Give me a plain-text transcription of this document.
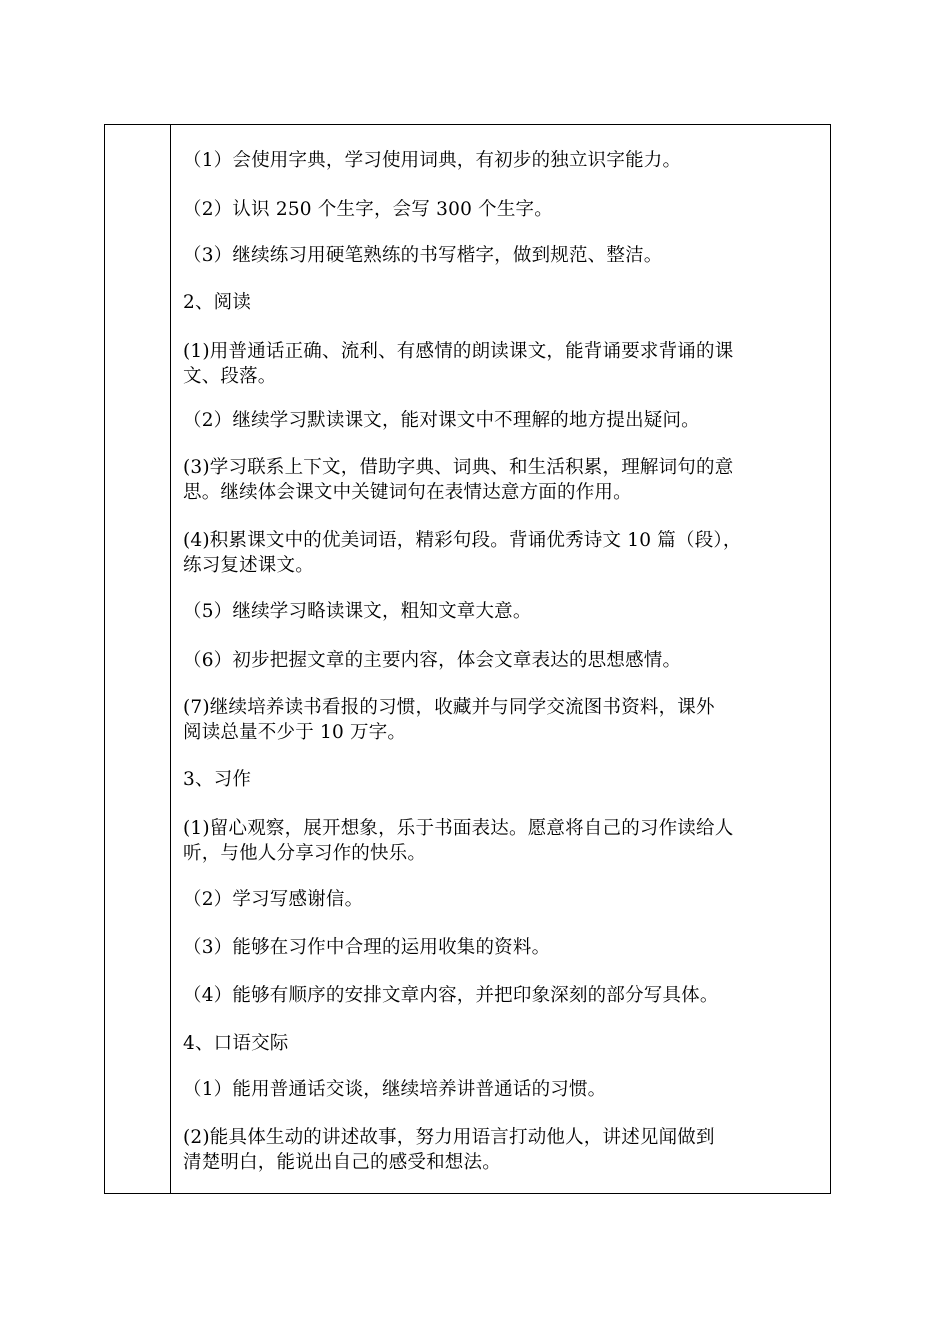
（1）会使用字典，学习使用词典，有初步的独立识字能力。
（2）认识 250 个生字，会写 300 个生字。
（3）继续练习用硬笔熟练的书写楷字，做到规范、整洁。
2、阅读
(1)用普通话正确、流利、有感情的朗读课文，能背诵要求背诵的课
文、段落。
（2）继续学习默读课文，能对课文中不理解的地方提出疑问。
(3)学习联系上下文，借助字典、词典、和生活积累，理解词句的意
思。继续体会课文中关键词句在表情达意方面的作用。
(4)积累课文中的优美词语，精彩句段。背诵优秀诗文 10 篇（段），
练习复述课文。
（5）继续学习略读课文，粗知文章大意。
（6）初步把握文章的主要内容，体会文章表达的思想感情。
(7)继续培养读书看报的习惯，收藏并与同学交流图书资料，课外
阅读总量不少于 10 万字。
3、习作
(1)留心观察，展开想象，乐于书面表达。愿意将自己的习作读给人
听，与他人分享习作的快乐。
（2）学习写感谢信。
（3）能够在习作中合理的运用收集的资料。
（4）能够有顺序的安排文章内容，并把印象深刻的部分写具体。
4、口语交际
（1）能用普通话交谈，继续培养讲普通话的习惯。
(2)能具体生动的讲述故事，努力用语言打动他人，讲述见闻做到
清楚明白，能说出自己的感受和想法。
